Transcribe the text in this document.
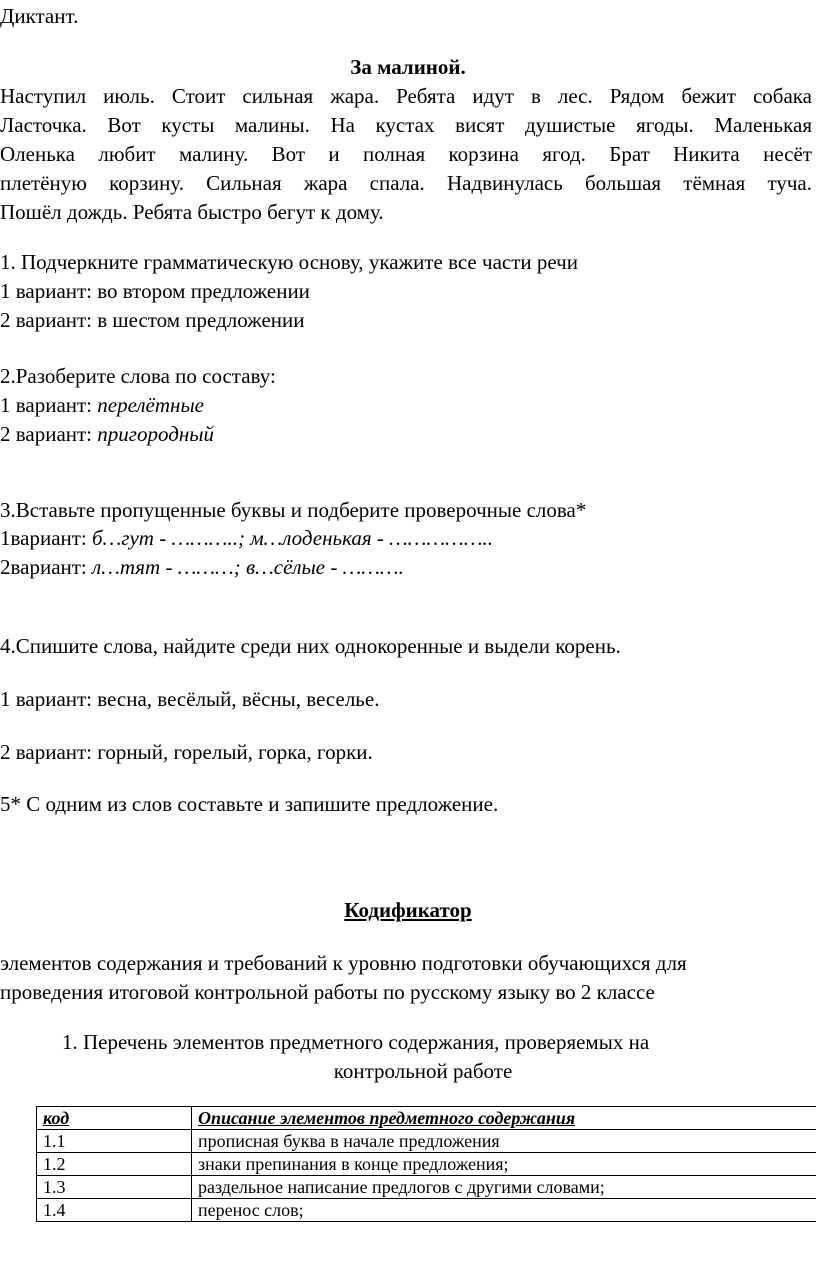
Диктант.
За малиной.
Наступил июль. Стоит сильная жара. Ребята идут в лес. Рядом бежит собака
Ласточка. Вот кусты малины. На кустах висят душистые ягоды. Маленькая
Оленька любит малину. Вот и полная корзина ягод. Брат Никита несёт
плетёную корзину. Сильная жара спала. Надвинулась большая тёмная туча.
Пошёл дождь. Ребята быстро бегут к дому.
1. Подчеркните грамматическую основу, укажите все части речи
1 вариант: во втором предложении
2 вариант: в шестом предложении
2.Разоберите слова по составу:
1 вариант: перелётные
2 вариант: пригородный
3.Вставьте пропущенные буквы и подберите проверочные слова*
1вариант: б…гут - ………..; м…лоденькая - ……………..
2вариант: л…тят - ………; в…сёлые - ……….
4.Спишите слова, найдите среди них однокоренные и выдели корень.
1 вариант: весна, весёлый, вёсны, веселье.
2 вариант: горный, горелый, горка, горки.
5* С одним из слов составьте и запишите предложение.
Кодификатор
элементов содержания и требований к уровню подготовки обучающихся для
проведения итоговой контрольной работы по русскому языку во 2 классе
1. Перечень элементов предметного содержания, проверяемых на
контрольной работе
код	Описание элементов предметного содержания
1.1	прописная буква в начале предложения
1.2	знаки препинания в конце предложения;
1.3	раздельное написание предлогов с другими словами;
1.4	перенос слов;
